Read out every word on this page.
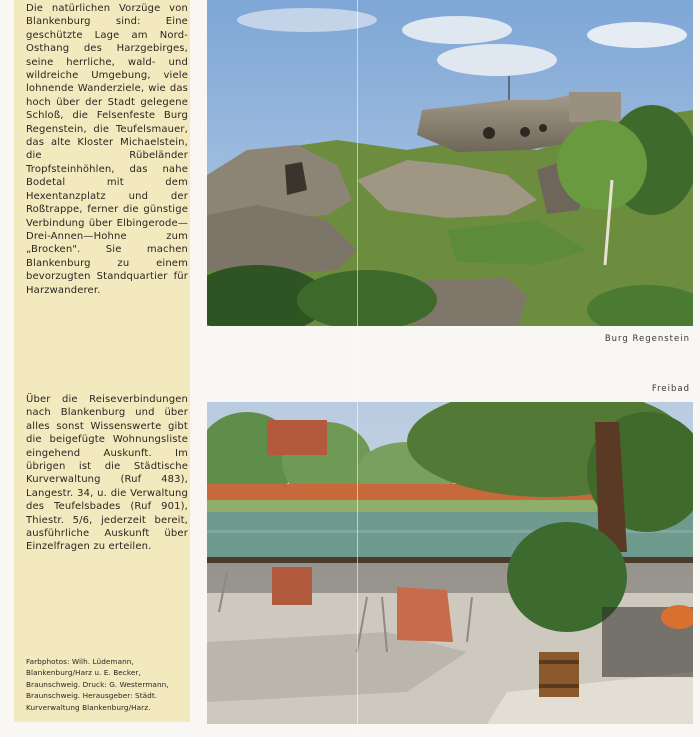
Die natürlichen Vorzüge von Blankenburg sind: Eine geschützte Lage am Nord-Osthang des Harzgebirges, seine herrliche, wald- und wildreiche Umgebung, viele lohnende Wanderziele, wie das hoch über der Stadt gelegene Schloß, die Felsenfeste Burg Regenstein, die Teufelsmauer, das alte Kloster Michaelstein, die Rübeländer Tropfsteinhöhlen, das nahe Bodetal mit dem Hexentanzplatz und der Roßtrappe, ferner die günstige Verbindung über Elbingerode—Drei-Annen—Hohne zum „Brocken". Sie machen Blankenburg zu einem bevorzugten Standquartier für Harzwanderer.
Über die Reiseverbindungen nach Blankenburg und über alles sonst Wissenswerte gibt die beigefügte Wohnungsliste eingehend Auskunft. Im übrigen ist die Städtische Kurverwaltung (Ruf 483), Langestr. 34, u. die Verwaltung des Teufelsbades (Ruf 901), Thiestr. 5/6, jederzeit bereit, ausführliche Auskunft über Einzelfragen zu erteilen.
Farbphotos: Wilh. Lüdemann, Blankenburg/Harz u. E. Becker, Braunschweig. Druck: G. Westermann, Braunschweig. Herausgeber: Städt. Kurverwaltung Blankenburg/Harz.
Burg Regenstein
Freibad
